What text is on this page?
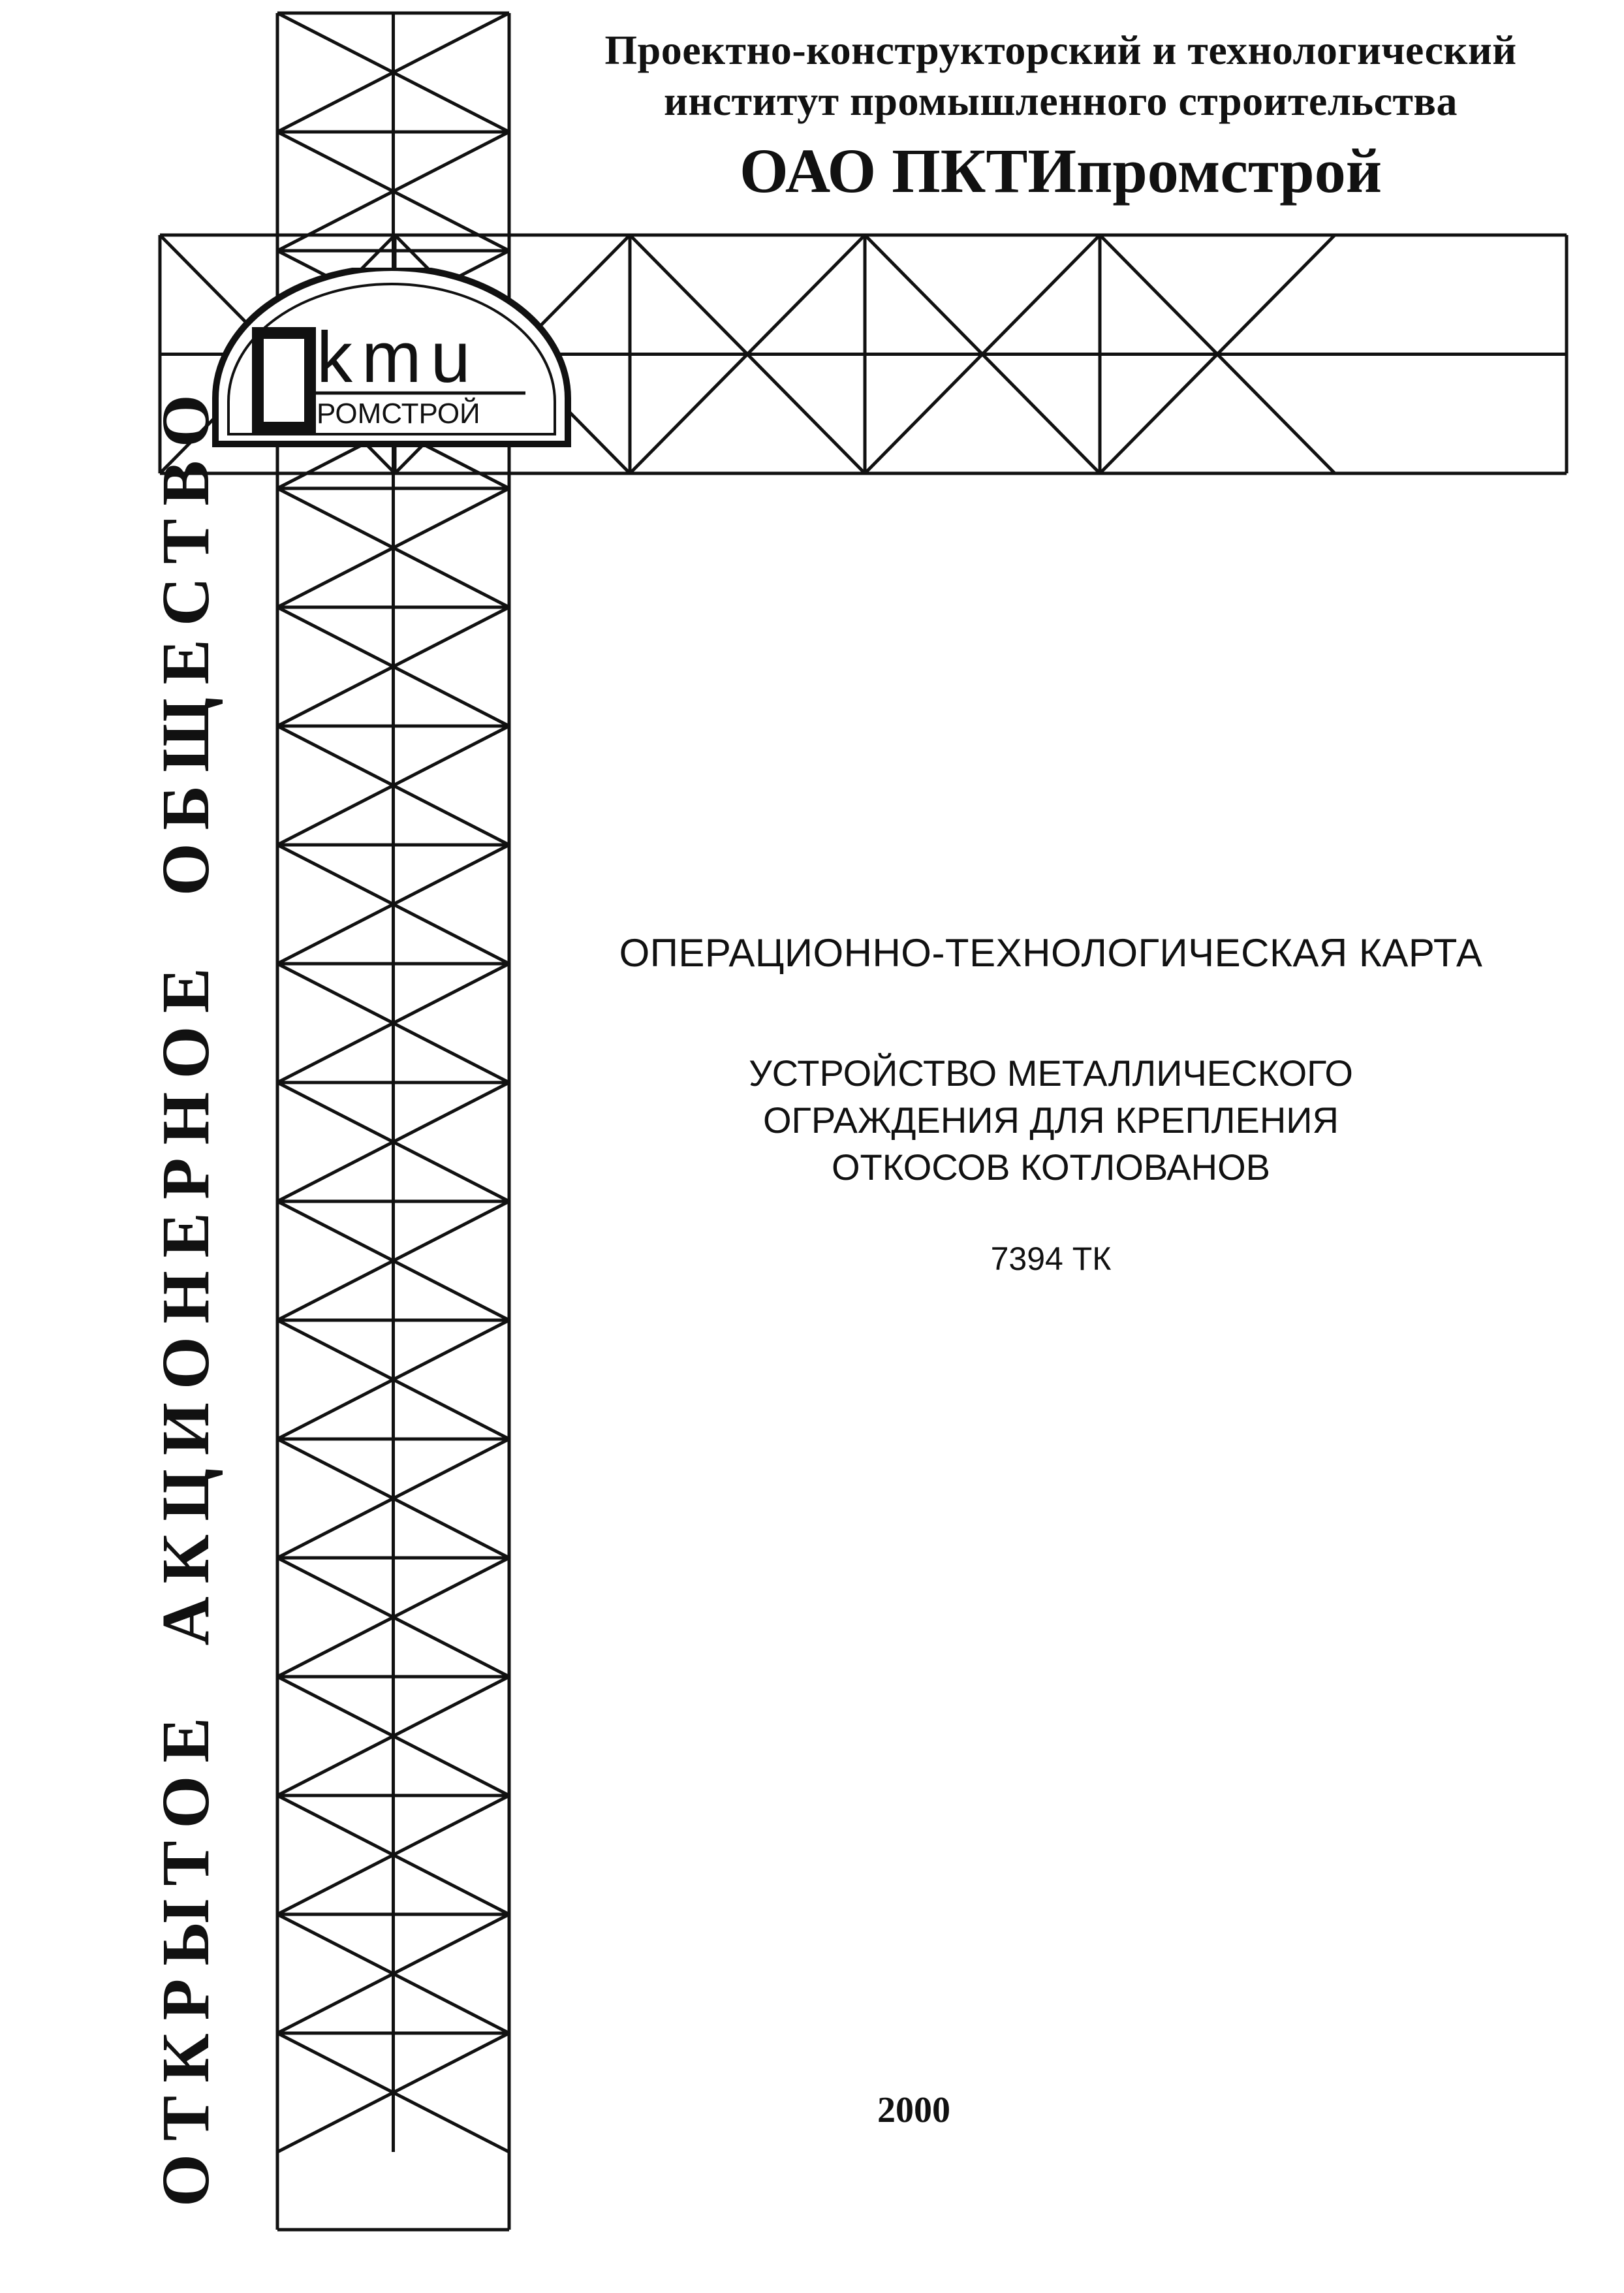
Проектно-конструкторский и технологический
институт промышленного строительства
ОАО ПКТИпромстрой
kmu
РОМСТРОЙ
ОТКРЫТОЕАКЦИОНЕРНОЕОБЩЕСТВО
ОПЕРАЦИОННО-ТЕХНОЛОГИЧЕСКАЯ КАРТА
УСТРОЙСТВО МЕТАЛЛИЧЕСКОГО
ОГРАЖДЕНИЯ ДЛЯ КРЕПЛЕНИЯ
ОТКОСОВ КОТЛОВАНОВ
7394 ТК
2000
